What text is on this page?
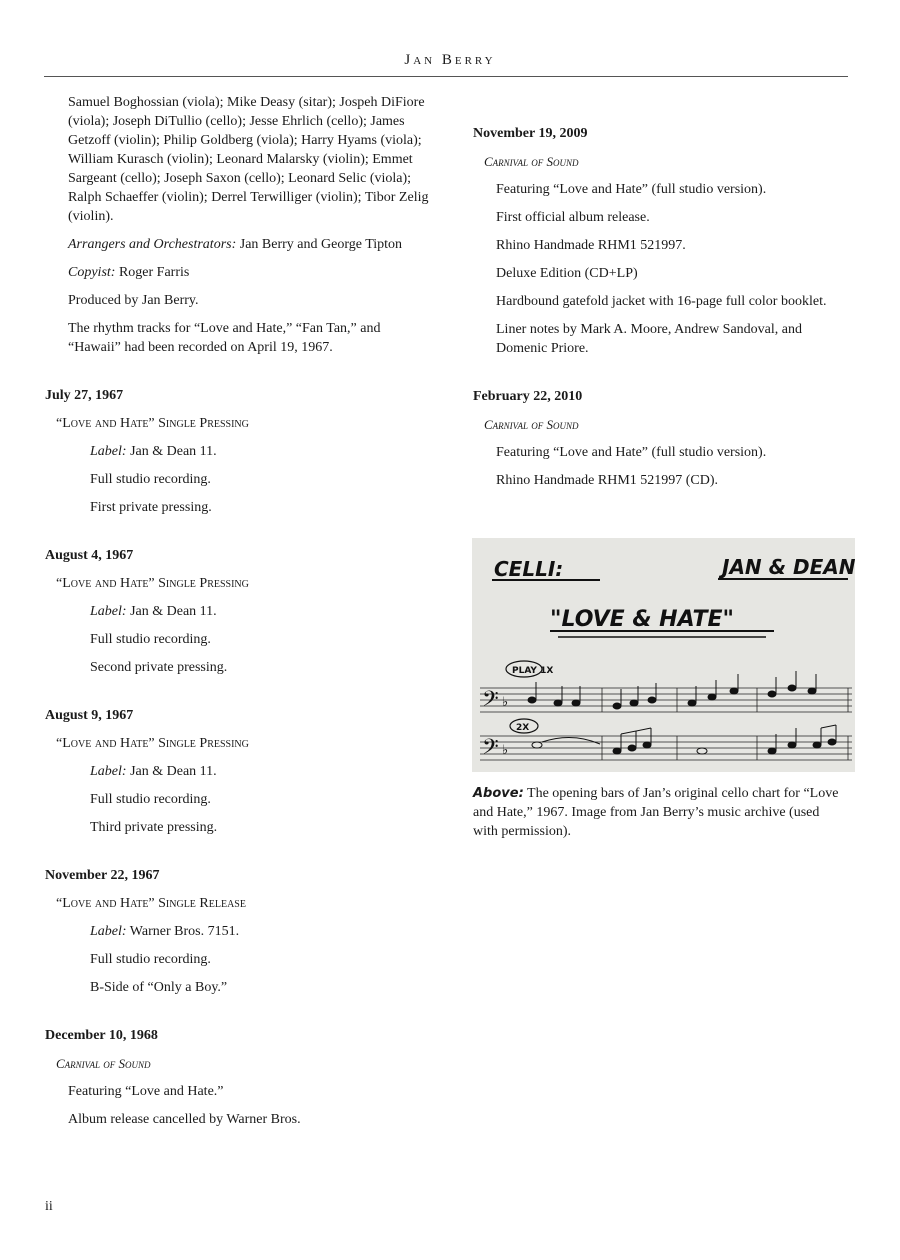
Jan Berry

Samuel Boghossian (viola); Mike Deasy (sitar); Jospeh DiFiore (viola); Joseph DiTullio (cello); Jesse Ehrlich (cello); James Getzoff (violin); Philip Goldberg (viola); Harry Hyams (viola); William Kurasch (violin); Leonard Malarsky (violin); Emmet Sargeant (cello); Joseph Saxon (cello); Leonard Selic (viola); Ralph Schaeffer (violin); Derrel Terwilliger (violin); Tibor Zelig (violin).

Arrangers and Orchestrators: Jan Berry and George Tipton

Copyist: Roger Farris

Produced by Jan Berry.

The rhythm tracks for “Love and Hate,” “Fan Tan,” and “Hawaii” had been recorded on April 19, 1967.

July 27, 1967

“Love and Hate” Single Pressing

Label: Jan & Dean 11.

Full studio recording.

First private pressing.

August 4, 1967

“Love and Hate” Single Pressing

Label: Jan & Dean 11.

Full studio recording.

Second private pressing.

August 9, 1967

“Love and Hate” Single Pressing

Label: Jan & Dean 11.

Full studio recording.

Third private pressing.

November 22, 1967

“Love and Hate” Single Release

Label: Warner Bros. 7151.

Full studio recording.

B-Side of “Only a Boy.”

December 10, 1968

Carnival of Sound

Featuring “Love and Hate.”

Album release cancelled by Warner Bros.

November 19, 2009

Carnival of Sound

Featuring “Love and Hate” (full studio version).

First official album release.

Rhino Handmade RHM1 521997.

Deluxe Edition (CD+LP)

Hardbound gatefold jacket with 16-page full color booklet.

Liner notes by Mark A. Moore, Andrew Sandoval, and Domenic Priore.

February 22, 2010

Carnival of Sound

Featuring “Love and Hate” (full studio version).

Rhino Handmade RHM1 521997 (CD).

CELLI:	JAN & DEAN
"LOVE & HATE"
PLAY 1X
𝄢
𝄢
♭
♭
2X
Above: The opening bars of Jan’s original cello chart for “Love and Hate,” 1967. Image from Jan Berry’s music archive (used with permission).
ii
